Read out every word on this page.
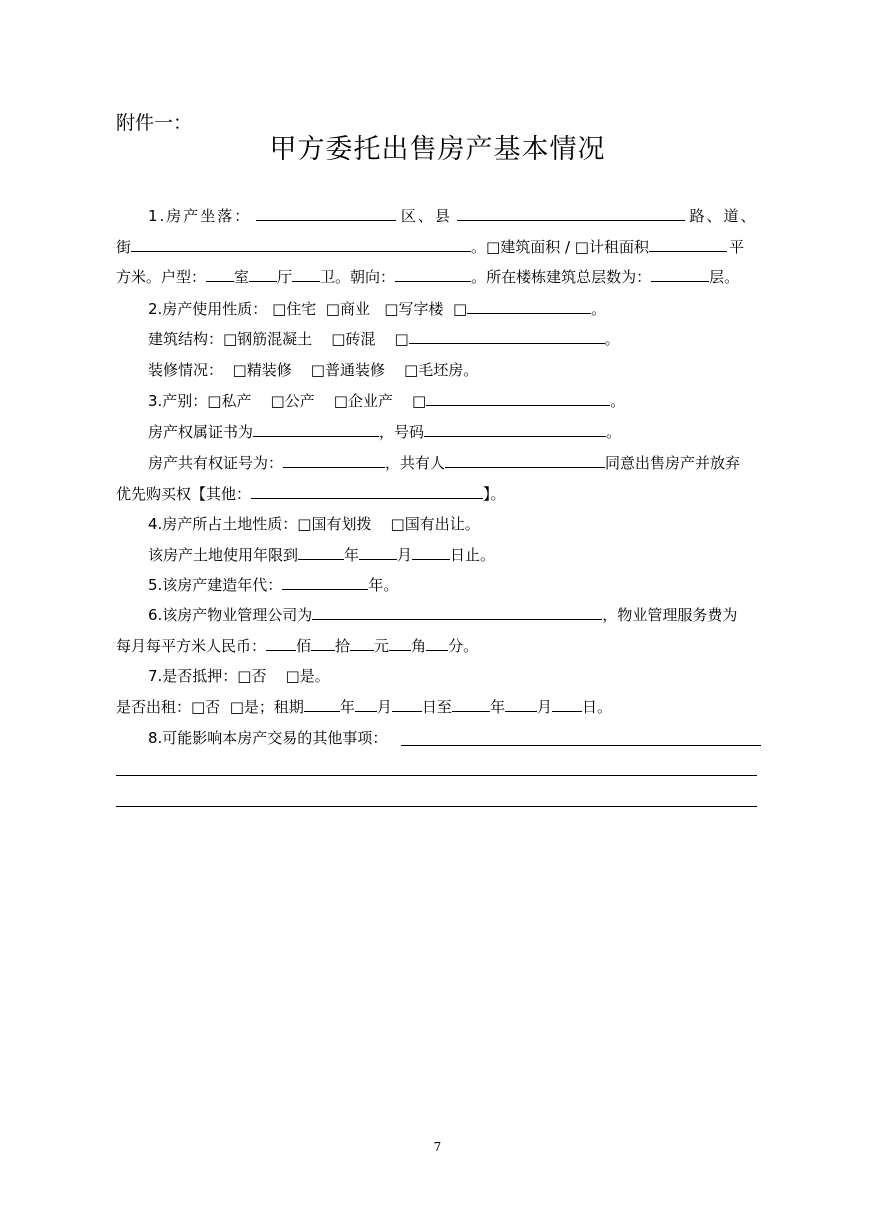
附件一：
甲方委托出售房产基本情况
1.房产坐落：	区、县	路、道、
街	。□建筑面积 / □计租面积	平
方米。户型： 室 厅 卫。朝向：	。所在楼栋建筑总层数为：	层。
2.房产使用性质： □住宅  □商业   □写字楼  □	。
建筑结构：□钢筋混凝土    □砖混    □	。
装修情况：  □精装修    □普通装修    □毛坯房。
3.产别：□私产    □公产    □企业产    □	。
房产权属证书为	，号码	。
房产共有权证号为：	，共有人	同意出售房产并放弃
优先购买权【其他：	】。
4.房产所占土地性质：□国有划拨    □国有出让。
该房产土地使用年限到	年	月	日止。
5.该房产建造年代：	年。
6.该房产物业管理公司为	，物业管理服务费为
每月每平方米人民币： 佰 拾 元 角 分。
7.是否抵押：□否    □是。
是否出租：□否  □是；租期 年 月 日至	年 月 日。
8.可能影响本房产交易的其他事项：
7
